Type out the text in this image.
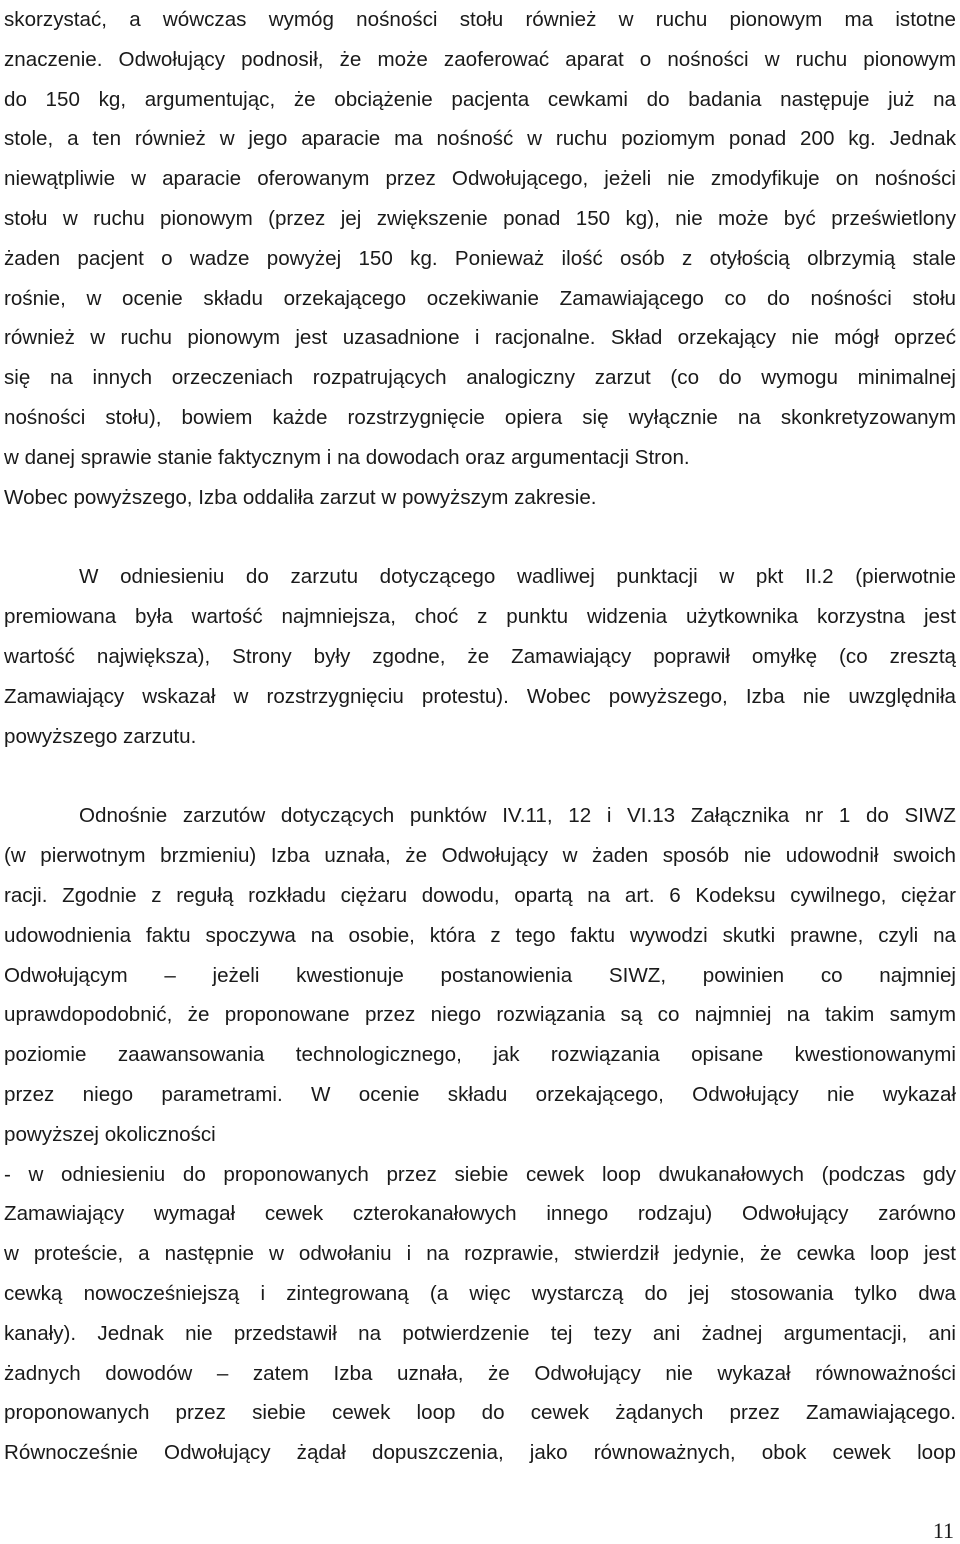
skorzystać, a wówczas wymóg nośności stołu również w ruchu pionowym ma istotne
znaczenie. Odwołujący podnosił, że może zaoferować aparat o nośności w ruchu pionowym
do 150 kg, argumentując, że obciążenie pacjenta cewkami do badania następuje już na
stole, a ten również w jego aparacie ma nośność w ruchu poziomym ponad 200 kg. Jednak
niewątpliwie w aparacie oferowanym przez Odwołującego, jeżeli nie zmodyfikuje on nośności
stołu w ruchu pionowym (przez jej zwiększenie ponad 150 kg), nie może być prześwietlony
żaden pacjent o wadze powyżej 150 kg. Ponieważ ilość osób z otyłością olbrzymią stale
rośnie, w ocenie składu orzekającego oczekiwanie Zamawiającego co do nośności stołu
również w ruchu pionowym jest uzasadnione i racjonalne. Skład orzekający nie mógł oprzeć
się na innych orzeczeniach rozpatrujących analogiczny zarzut (co do wymogu minimalnej
nośności stołu), bowiem każde rozstrzygnięcie opiera się wyłącznie na skonkretyzowanym
w danej sprawie stanie faktycznym i na dowodach oraz argumentacji Stron.
Wobec powyższego, Izba oddaliła zarzut w powyższym zakresie.
W odniesieniu do zarzutu dotyczącego wadliwej punktacji w pkt II.2 (pierwotnie
premiowana była wartość najmniejsza, choć z punktu widzenia użytkownika korzystna jest
wartość największa), Strony były zgodne, że Zamawiający poprawił omyłkę (co zresztą
Zamawiający wskazał w rozstrzygnięciu protestu). Wobec powyższego, Izba nie uwzględniła
powyższego zarzutu.
Odnośnie zarzutów dotyczących punktów IV.11, 12 i VI.13 Załącznika nr 1 do SIWZ
(w pierwotnym brzmieniu) Izba uznała, że Odwołujący w żaden sposób nie udowodnił swoich
racji. Zgodnie z regułą rozkładu ciężaru dowodu, opartą na art. 6 Kodeksu cywilnego, ciężar
udowodnienia faktu spoczywa na osobie, która z tego faktu wywodzi skutki prawne, czyli na
Odwołującym – jeżeli kwestionuje postanowienia SIWZ, powinien co najmniej
uprawdopodobnić, że proponowane przez niego rozwiązania są co najmniej na takim samym
poziomie zaawansowania technologicznego, jak rozwiązania opisane kwestionowanymi
przez niego parametrami. W ocenie składu orzekającego, Odwołujący nie wykazał
powyższej okoliczności
- w odniesieniu do proponowanych przez siebie cewek loop dwukanałowych (podczas gdy
Zamawiający wymagał cewek czterokanałowych innego rodzaju) Odwołujący zarówno
w proteście, a następnie w odwołaniu i na rozprawie, stwierdził jedynie, że cewka loop jest
cewką nowocześniejszą i zintegrowaną (a więc wystarczą do jej stosowania tylko dwa
kanały). Jednak nie przedstawił na potwierdzenie tej tezy ani żadnej argumentacji, ani
żadnych dowodów – zatem Izba uznała, że Odwołujący nie wykazał równoważności
proponowanych przez siebie cewek loop do cewek żądanych przez Zamawiającego.
Równocześnie Odwołujący żądał dopuszczenia, jako równoważnych, obok cewek loop
11
